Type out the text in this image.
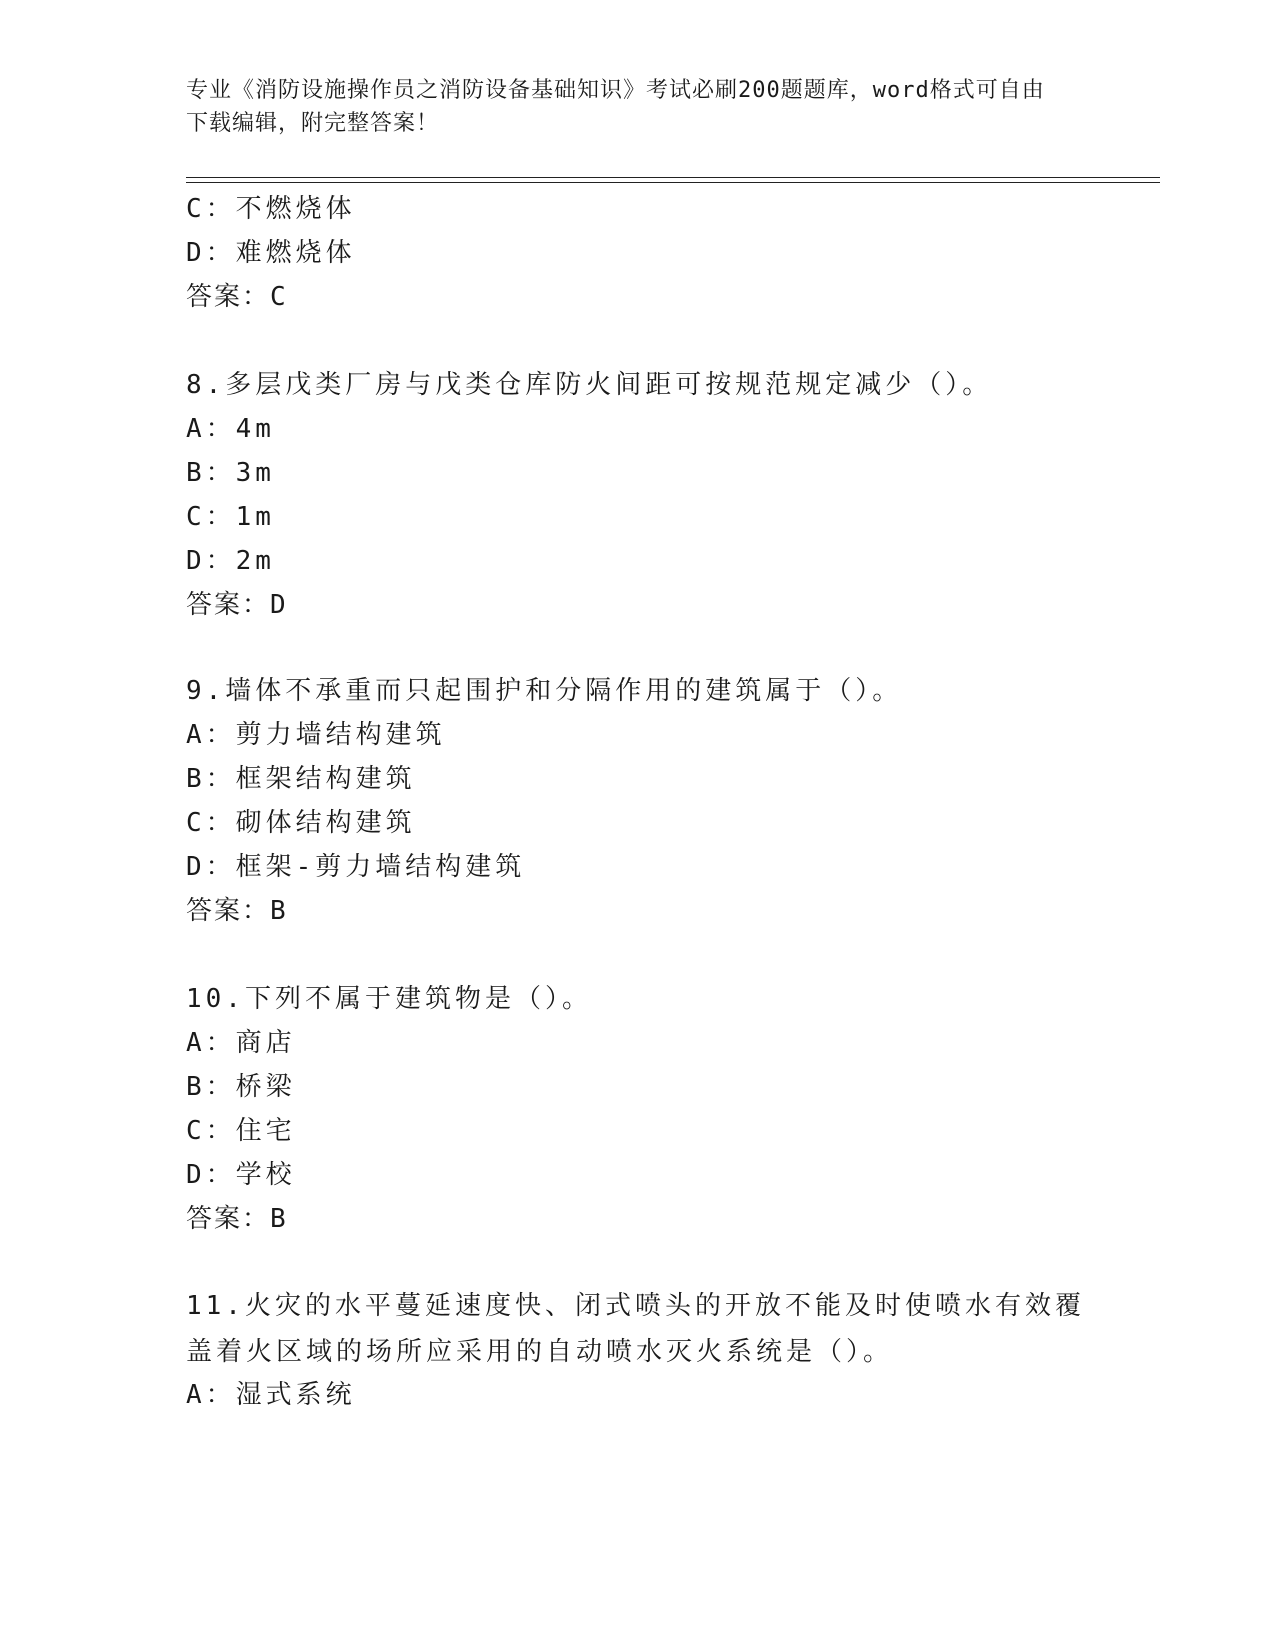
专业《消防设施操作员之消防设备基础知识》考试必刷200题题库，word格式可自由下载编辑，附完整答案！
C：不燃烧体
D：难燃烧体
答案：C
8.多层戊类厂房与戊类仓库防火间距可按规范规定减少（）。
A：4m
B：3m
C：1m
D：2m
答案：D
9.墙体不承重而只起围护和分隔作用的建筑属于（）。
A：剪力墙结构建筑
B：框架结构建筑
C：砌体结构建筑
D：框架-剪力墙结构建筑
答案：B
10.下列不属于建筑物是（）。
A：商店
B：桥梁
C：住宅
D：学校
答案：B
11.火灾的水平蔓延速度快、闭式喷头的开放不能及时使喷水有效覆盖着火区域的场所应采用的自动喷水灭火系统是（）。
A：湿式系统
